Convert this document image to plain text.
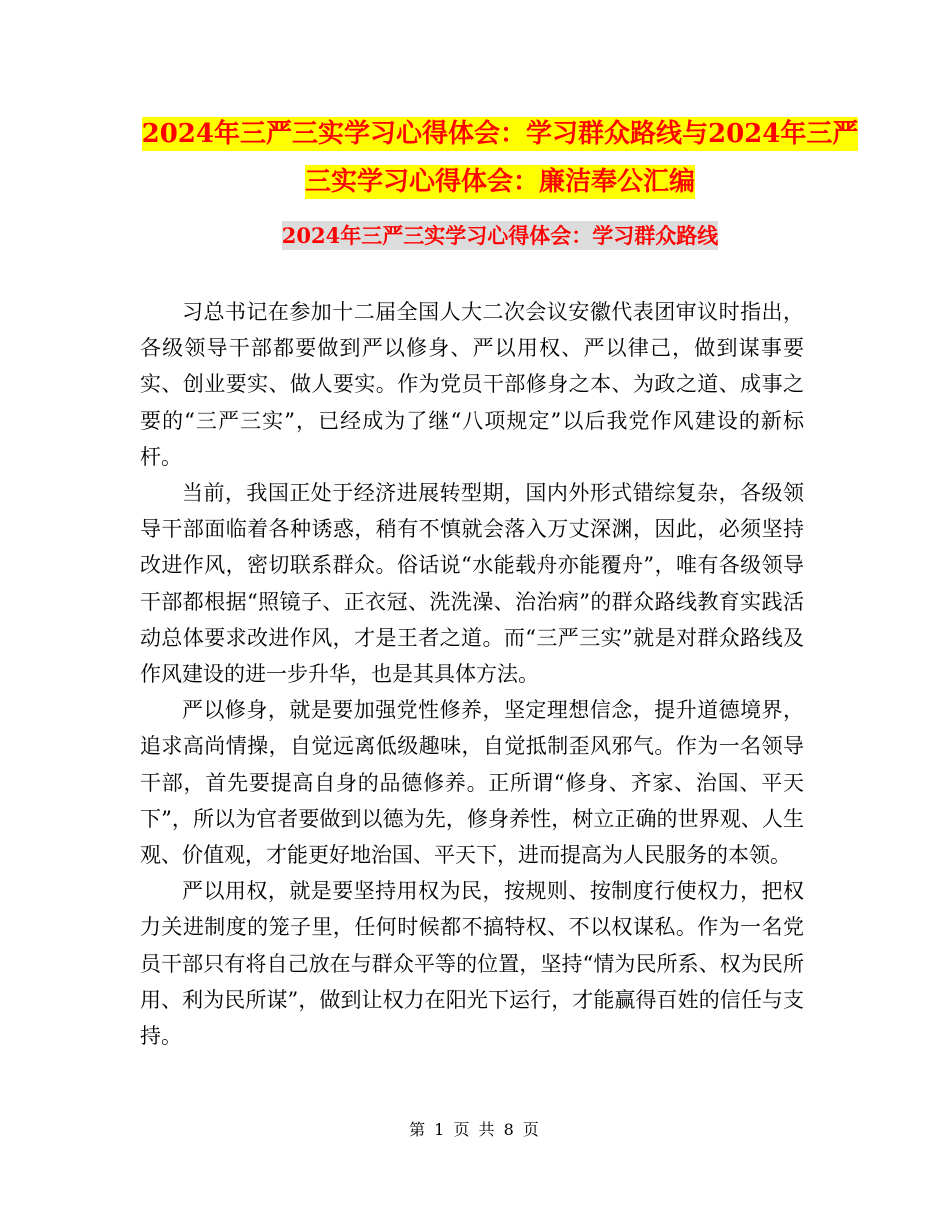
2024年三严三实学习心得体会：学习群众路线与2024年三严三实学习心得体会：廉洁奉公汇编
2024年三严三实学习心得体会：学习群众路线

习总书记在参加十二届全国人大二次会议安徽代表团审议时指出，各级领导干部都要做到严以修身、严以用权、严以律己，做到谋事要实、创业要实、做人要实。作为党员干部修身之本、为政之道、成事之要的“三严三实”，已经成为了继“八项规定”以后我党作风建设的新标杆。

当前，我国正处于经济进展转型期，国内外形式错综复杂，各级领导干部面临着各种诱惑，稍有不慎就会落入万丈深渊，因此，必须坚持改进作风，密切联系群众。俗话说“水能载舟亦能覆舟”，唯有各级领导干部都根据“照镜子、正衣冠、洗洗澡、治治病”的群众路线教育实践活动总体要求改进作风，才是王者之道。而“三严三实”就是对群众路线及作风建设的进一步升华，也是其具体方法。

严以修身，就是要加强党性修养，坚定理想信念，提升道德境界，追求高尚情操，自觉远离低级趣味，自觉抵制歪风邪气。作为一名领导干部，首先要提高自身的品德修养。正所谓“修身、齐家、治国、平天下”，所以为官者要做到以德为先，修身养性，树立正确的世界观、人生观、价值观，才能更好地治国、平天下，进而提高为人民服务的本领。

严以用权，就是要坚持用权为民，按规则、按制度行使权力，把权力关进制度的笼子里，任何时候都不搞特权、不以权谋私。作为一名党员干部只有将自己放在与群众平等的位置，坚持“情为民所系、权为民所用、利为民所谋”，做到让权力在阳光下运行，才能赢得百姓的信任与支持。

第 1 页 共 8 页
